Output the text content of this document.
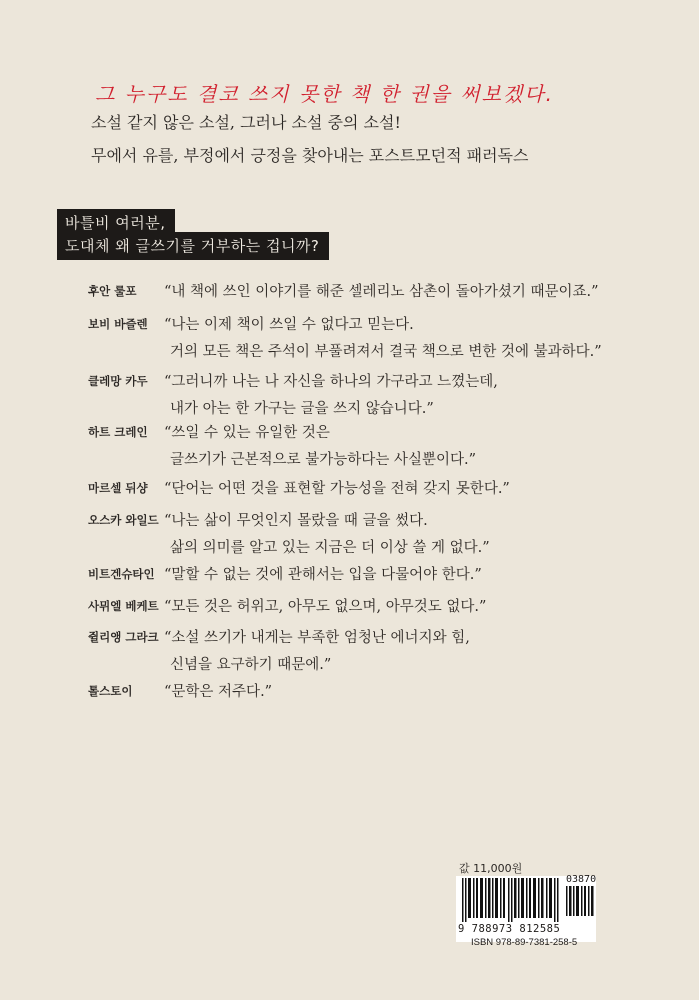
그 누구도 결코 쓰지 못한 책 한 권을 써보겠다.
소설 같지 않은 소설, 그러나 소설 중의 소설!
무에서 유를, 부정에서 긍정을 찾아내는 포스트모던적 패러독스
바틀비 여러분,
도대체 왜 글쓰기를 거부하는 겁니까?
후안 룰포 “내 책에 쓰인 이야기를 해준 셀레리노 삼촌이 돌아가셨기 때문이죠.”
보비 바즐렌 “나는 이제 책이 쓰일 수 없다고 믿는다.
거의 모든 책은 주석이 부풀려져서 결국 책으로 변한 것에 불과하다.”
클레망 카두 “그러니까 나는 나 자신을 하나의 가구라고 느꼈는데,
내가 아는 한 가구는 글을 쓰지 않습니다.”
하트 크레인 “쓰일 수 있는 유일한 것은
글쓰기가 근본적으로 불가능하다는 사실뿐이다.”
마르셀 뒤샹 “단어는 어떤 것을 표현할 가능성을 전혀 갖지 못한다.”
오스카 와일드 “나는 삶이 무엇인지 몰랐을 때 글을 썼다.
삶의 의미를 알고 있는 지금은 더 이상 쓸 게 없다.”
비트겐슈타인 “말할 수 없는 것에 관해서는 입을 다물어야 한다.”
사뮈엘 베케트 “모든 것은 허위고, 아무도 없으며, 아무것도 없다.”
쥘리앵 그라크 “소설 쓰기가 내게는 부족한 엄청난 에너지와 힘,
신념을 요구하기 때문에.”
톨스토이 “문학은 저주다.”
값 11,000원
03870
9 788973 812585
ISBN 978-89-7381-258-5
